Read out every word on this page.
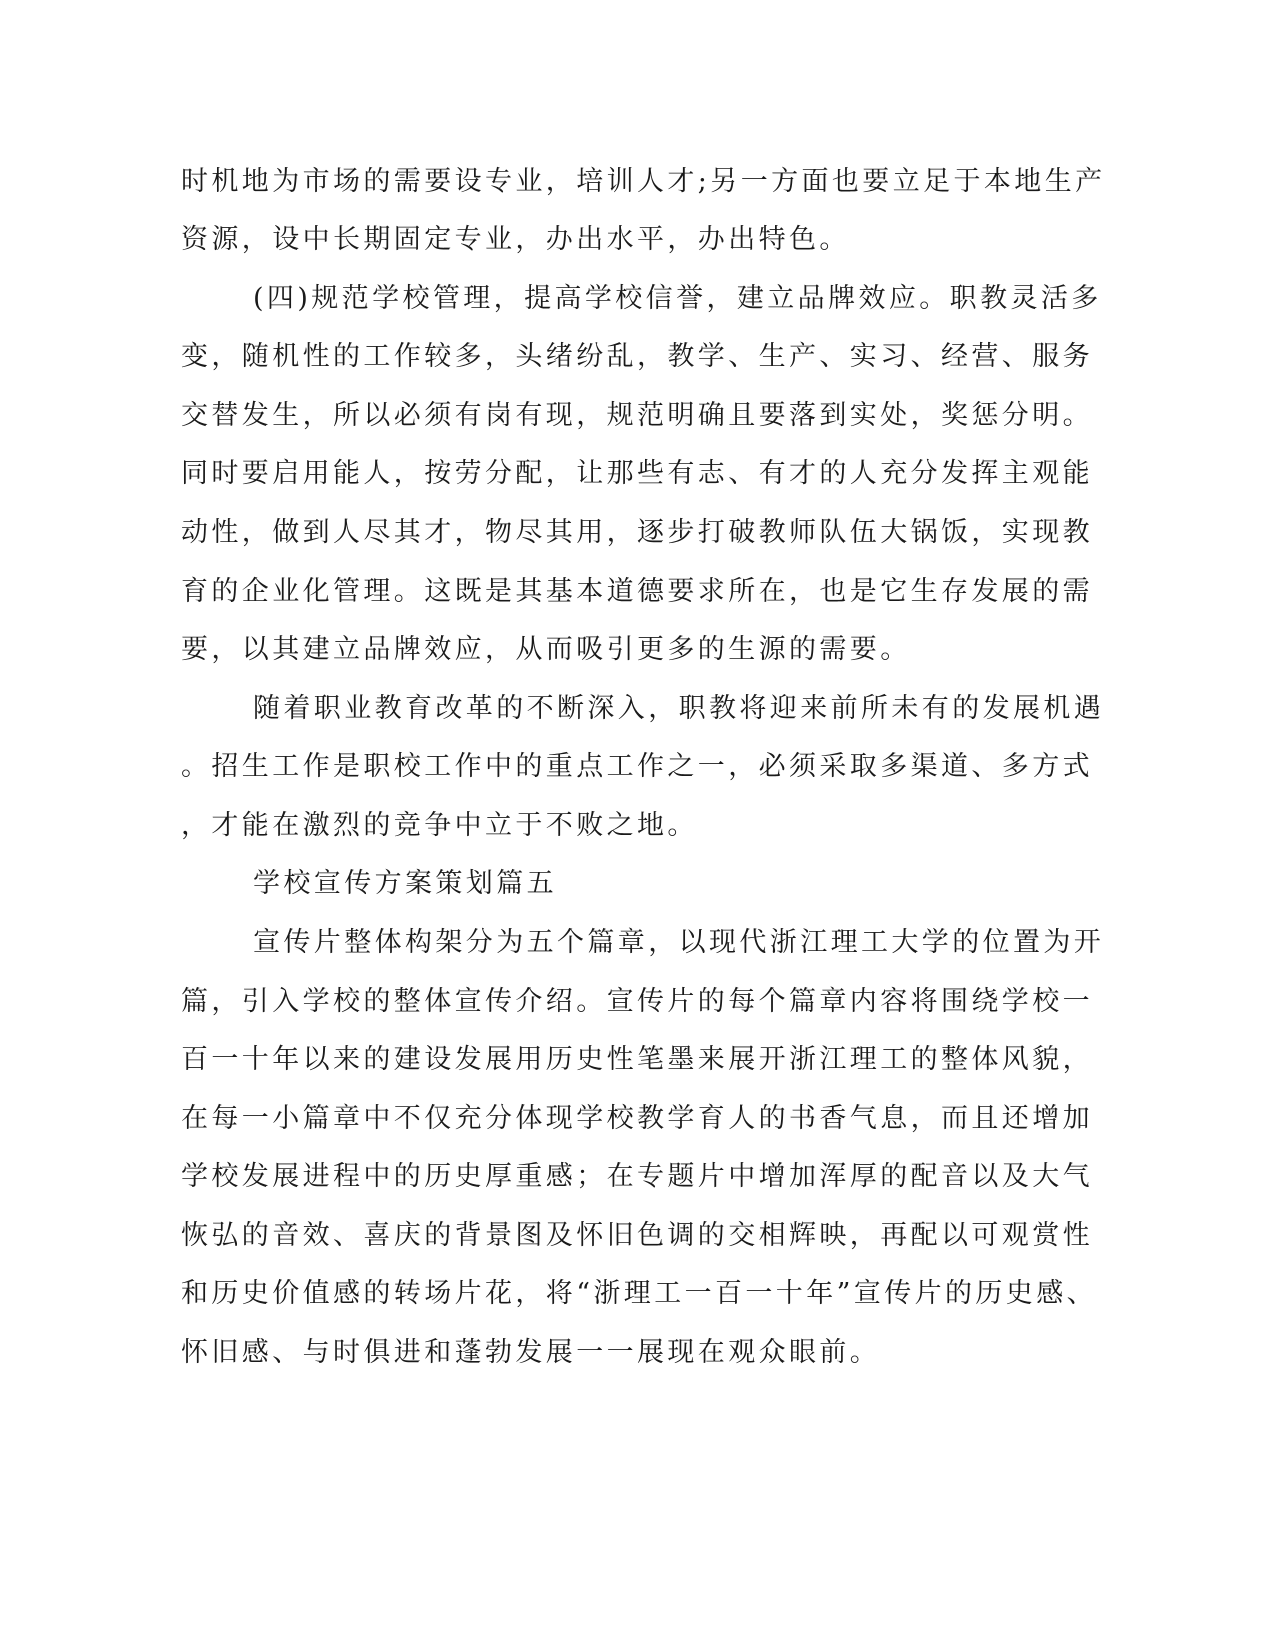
时机地为市场的需要设专业，培训人才;另一方面也要立足于本地生产
资源，设中长期固定专业，办出水平，办出特色。
(四)规范学校管理，提高学校信誉，建立品牌效应。职教灵活多
变，随机性的工作较多，头绪纷乱，教学、生产、实习、经营、服务
交替发生，所以必须有岗有现，规范明确且要落到实处，奖惩分明。
同时要启用能人，按劳分配，让那些有志、有才的人充分发挥主观能
动性，做到人尽其才，物尽其用，逐步打破教师队伍大锅饭，实现教
育的企业化管理。这既是其基本道德要求所在，也是它生存发展的需
要，以其建立品牌效应，从而吸引更多的生源的需要。
随着职业教育改革的不断深入，职教将迎来前所未有的发展机遇
。招生工作是职校工作中的重点工作之一，必须采取多渠道、多方式
，才能在激烈的竞争中立于不败之地。
学校宣传方案策划篇五
宣传片整体构架分为五个篇章，以现代浙江理工大学的位置为开
篇，引入学校的整体宣传介绍。宣传片的每个篇章内容将围绕学校一
百一十年以来的建设发展用历史性笔墨来展开浙江理工的整体风貌，
在每一小篇章中不仅充分体现学校教学育人的书香气息，而且还增加
学校发展进程中的历史厚重感；在专题片中增加浑厚的配音以及大气
恢弘的音效、喜庆的背景图及怀旧色调的交相辉映，再配以可观赏性
和历史价值感的转场片花，将“浙理工一百一十年”宣传片的历史感、
怀旧感、与时俱进和蓬勃发展一一展现在观众眼前。
